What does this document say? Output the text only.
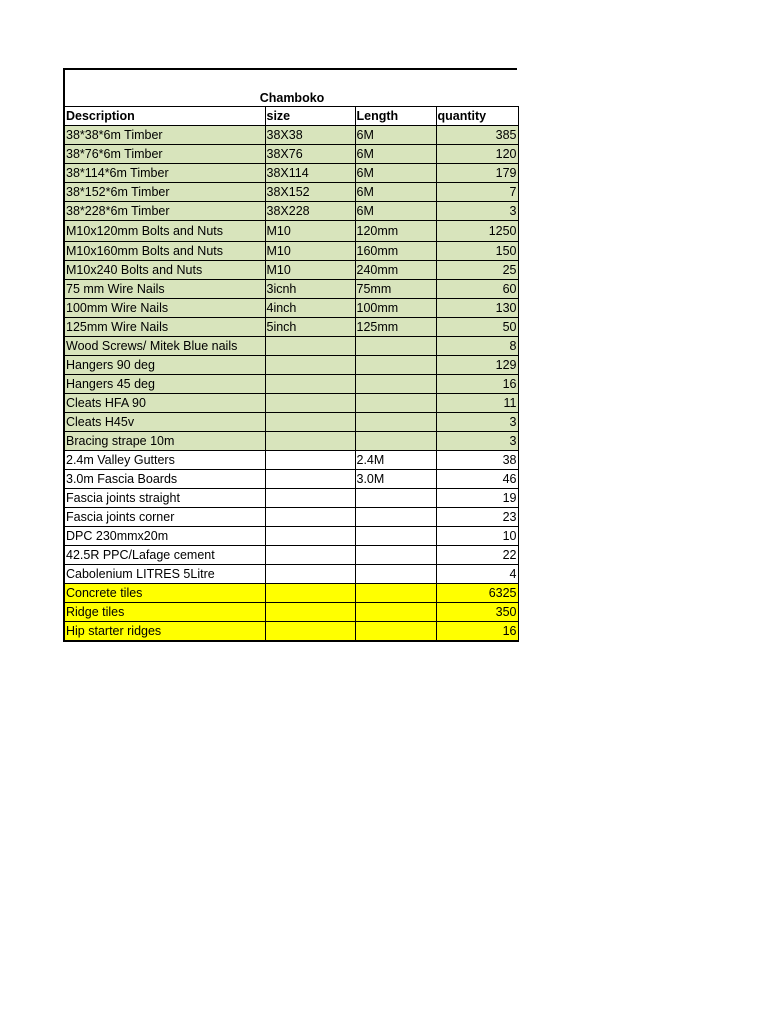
Chamboko
Description	size	Length	quantity
38*38*6m Timber	38X38	6M	385
38*76*6m Timber	38X76	6M	120
38*114*6m Timber	38X114	6M	179
38*152*6m Timber	38X152	6M	7
38*228*6m Timber	38X228	6M	3
M10x120mm Bolts and Nuts	M10	120mm	1250
M10x160mm Bolts and Nuts	M10	160mm	150
M10x240 Bolts and Nuts	M10	240mm	25
75 mm Wire Nails	3icnh	75mm	60
100mm Wire Nails	4inch	100mm	130
125mm Wire Nails	5inch	125mm	50
Wood Screws/ Mitek Blue nails			8
Hangers 90 deg			129
Hangers 45 deg			16
Cleats HFA 90			11
Cleats H45v			3
Bracing strape 10m			3
2.4m Valley Gutters		2.4M	38
3.0m Fascia Boards		3.0M	46
Fascia joints straight			19
Fascia joints corner			23
DPC 230mmx20m			10
42.5R PPC/Lafage cement			22
Cabolenium LITRES 5Litre			4
Concrete tiles			6325
Ridge tiles			350
Hip starter ridges			16
